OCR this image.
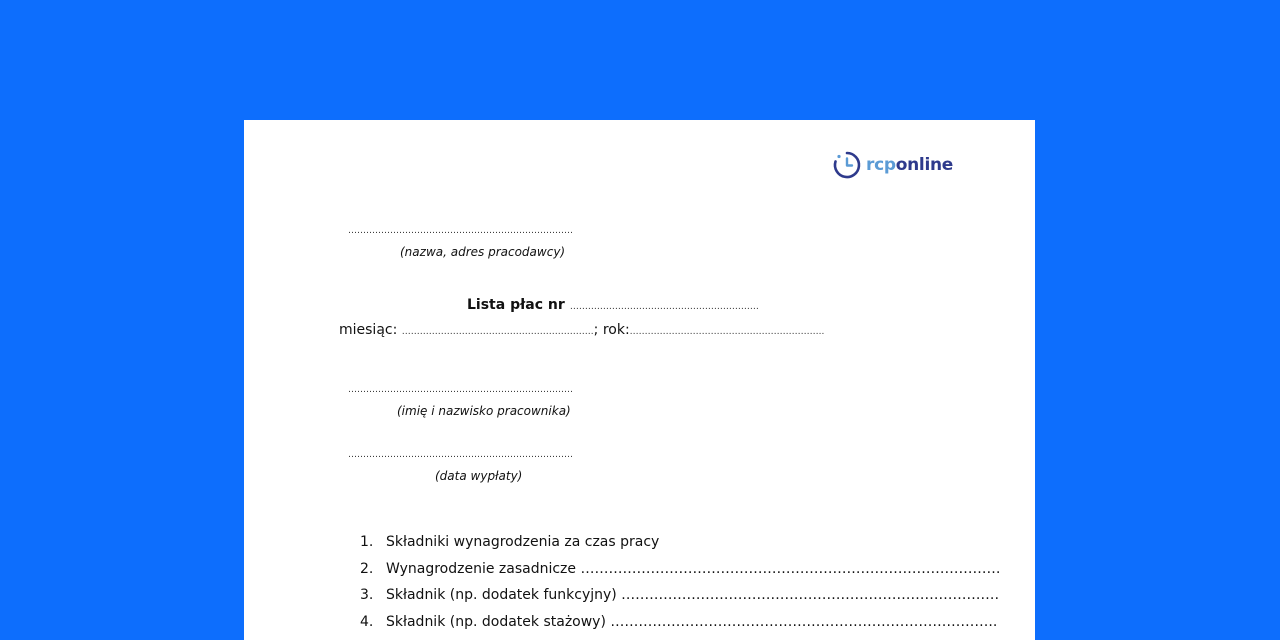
rcponline
…………………………………………………………………
(nazwa, adres pracodawcy)
Lista płac nr ………………………………………………………
miesiąc: ……………………………………………………….; rok:………………………………………………………..
…………………………………………………………………
(imię i nazwisko pracownika)
…………………………………………………………………
(data wypłaty)
1. Składniki wynagrodzenia za czas pracy
2. Wynagrodzenie zasadnicze ………………………………………………………………………………
3. Składnik (np. dodatek funkcyjny) ………………………………………………………………………
4. Składnik (np. dodatek stażowy) ………………………………………………………………………..
